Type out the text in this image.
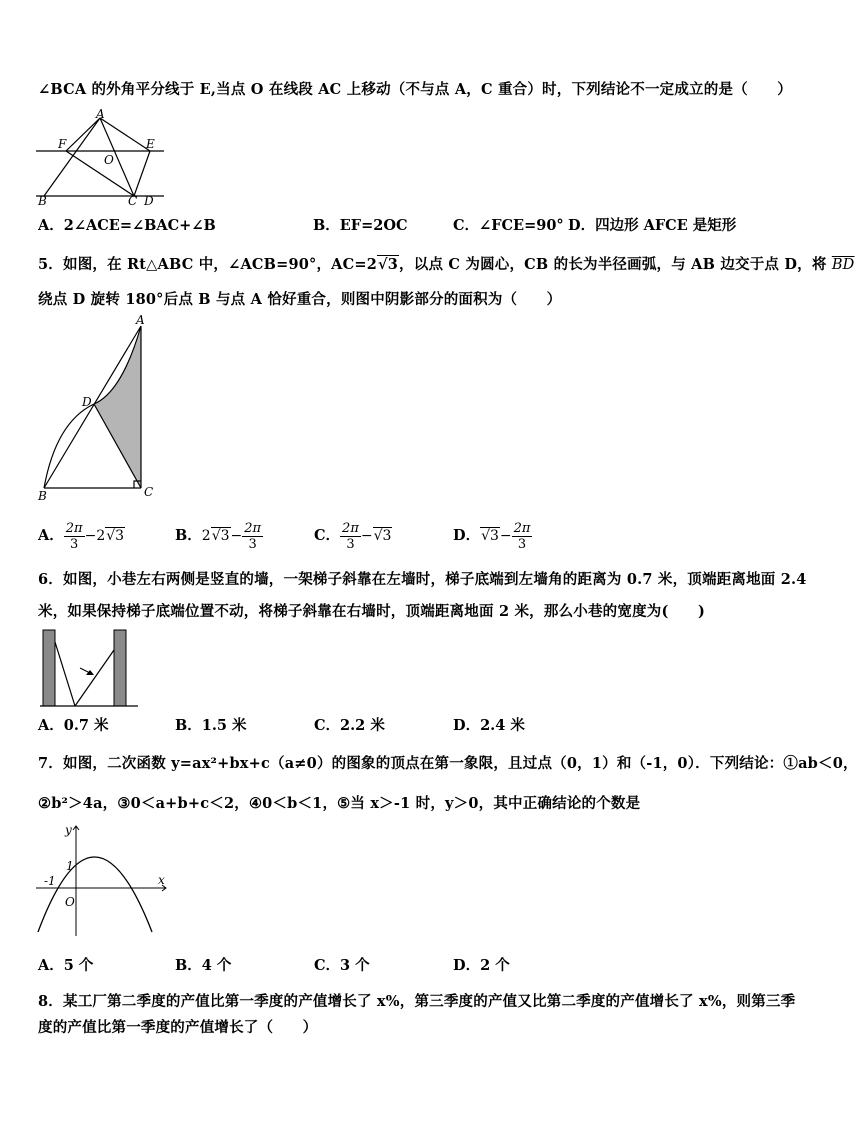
∠BCA 的外角平分线于 E,当点 O 在线段 AC 上移动（不与点 A，C 重合）时，下列结论不一定成立的是（　　）
A
F	E
O
B	C D
A．2∠ACE=∠BAC+∠B	B．EF=2OC	C．∠FCE=90° D．四边形 AFCE 是矩形
5．如图，在 Rt△ABC 中，∠ACB=90°，AC=2√3，以点 C 为圆心，CB 的长为半径画弧，与 AB 边交于点 D，将 $\overline{BD}$
绕点 D 旋转 180°后点 B 与点 A 恰好重合，则图中阴影部分的面积为（　　）
A
D
B	C
A． $\frac{2\pi}{3} -2√3$	B． $2√3- \frac{2\pi}{3}$	C． $\frac{2\pi}{3} -√3$	D． $√3- \frac{2\pi}{3}$
6．如图，小巷左右两侧是竖直的墙，一架梯子斜靠在左墙时，梯子底端到左墙角的距离为 0.7 米，顶端距离地面 2.4
米，如果保持梯子底端位置不动，将梯子斜靠在右墙时，顶端距离地面 2 米，那么小巷的宽度为(　　)
A．0.7 米	B．1.5 米	C．2.2 米	D．2.4 米
7．如图，二次函数 y=ax²+bx+c（a≠0）的图象的顶点在第一象限，且过点（0，1）和（-1，0）．下列结论：①ab＜0，
②b²＞4a，③0＜a+b+c＜2，④0＜b＜1，⑤当 x＞-1 时，y＞0，其中正确结论的个数是
y
x
1
-1
O
A．5 个	B．4 个	C．3 个	D．2 个
8．某工厂第二季度的产值比第一季度的产值增长了 x%，第三季度的产值又比第二季度的产值增长了 x%，则第三季
度的产值比第一季度的产值增长了（　　）
